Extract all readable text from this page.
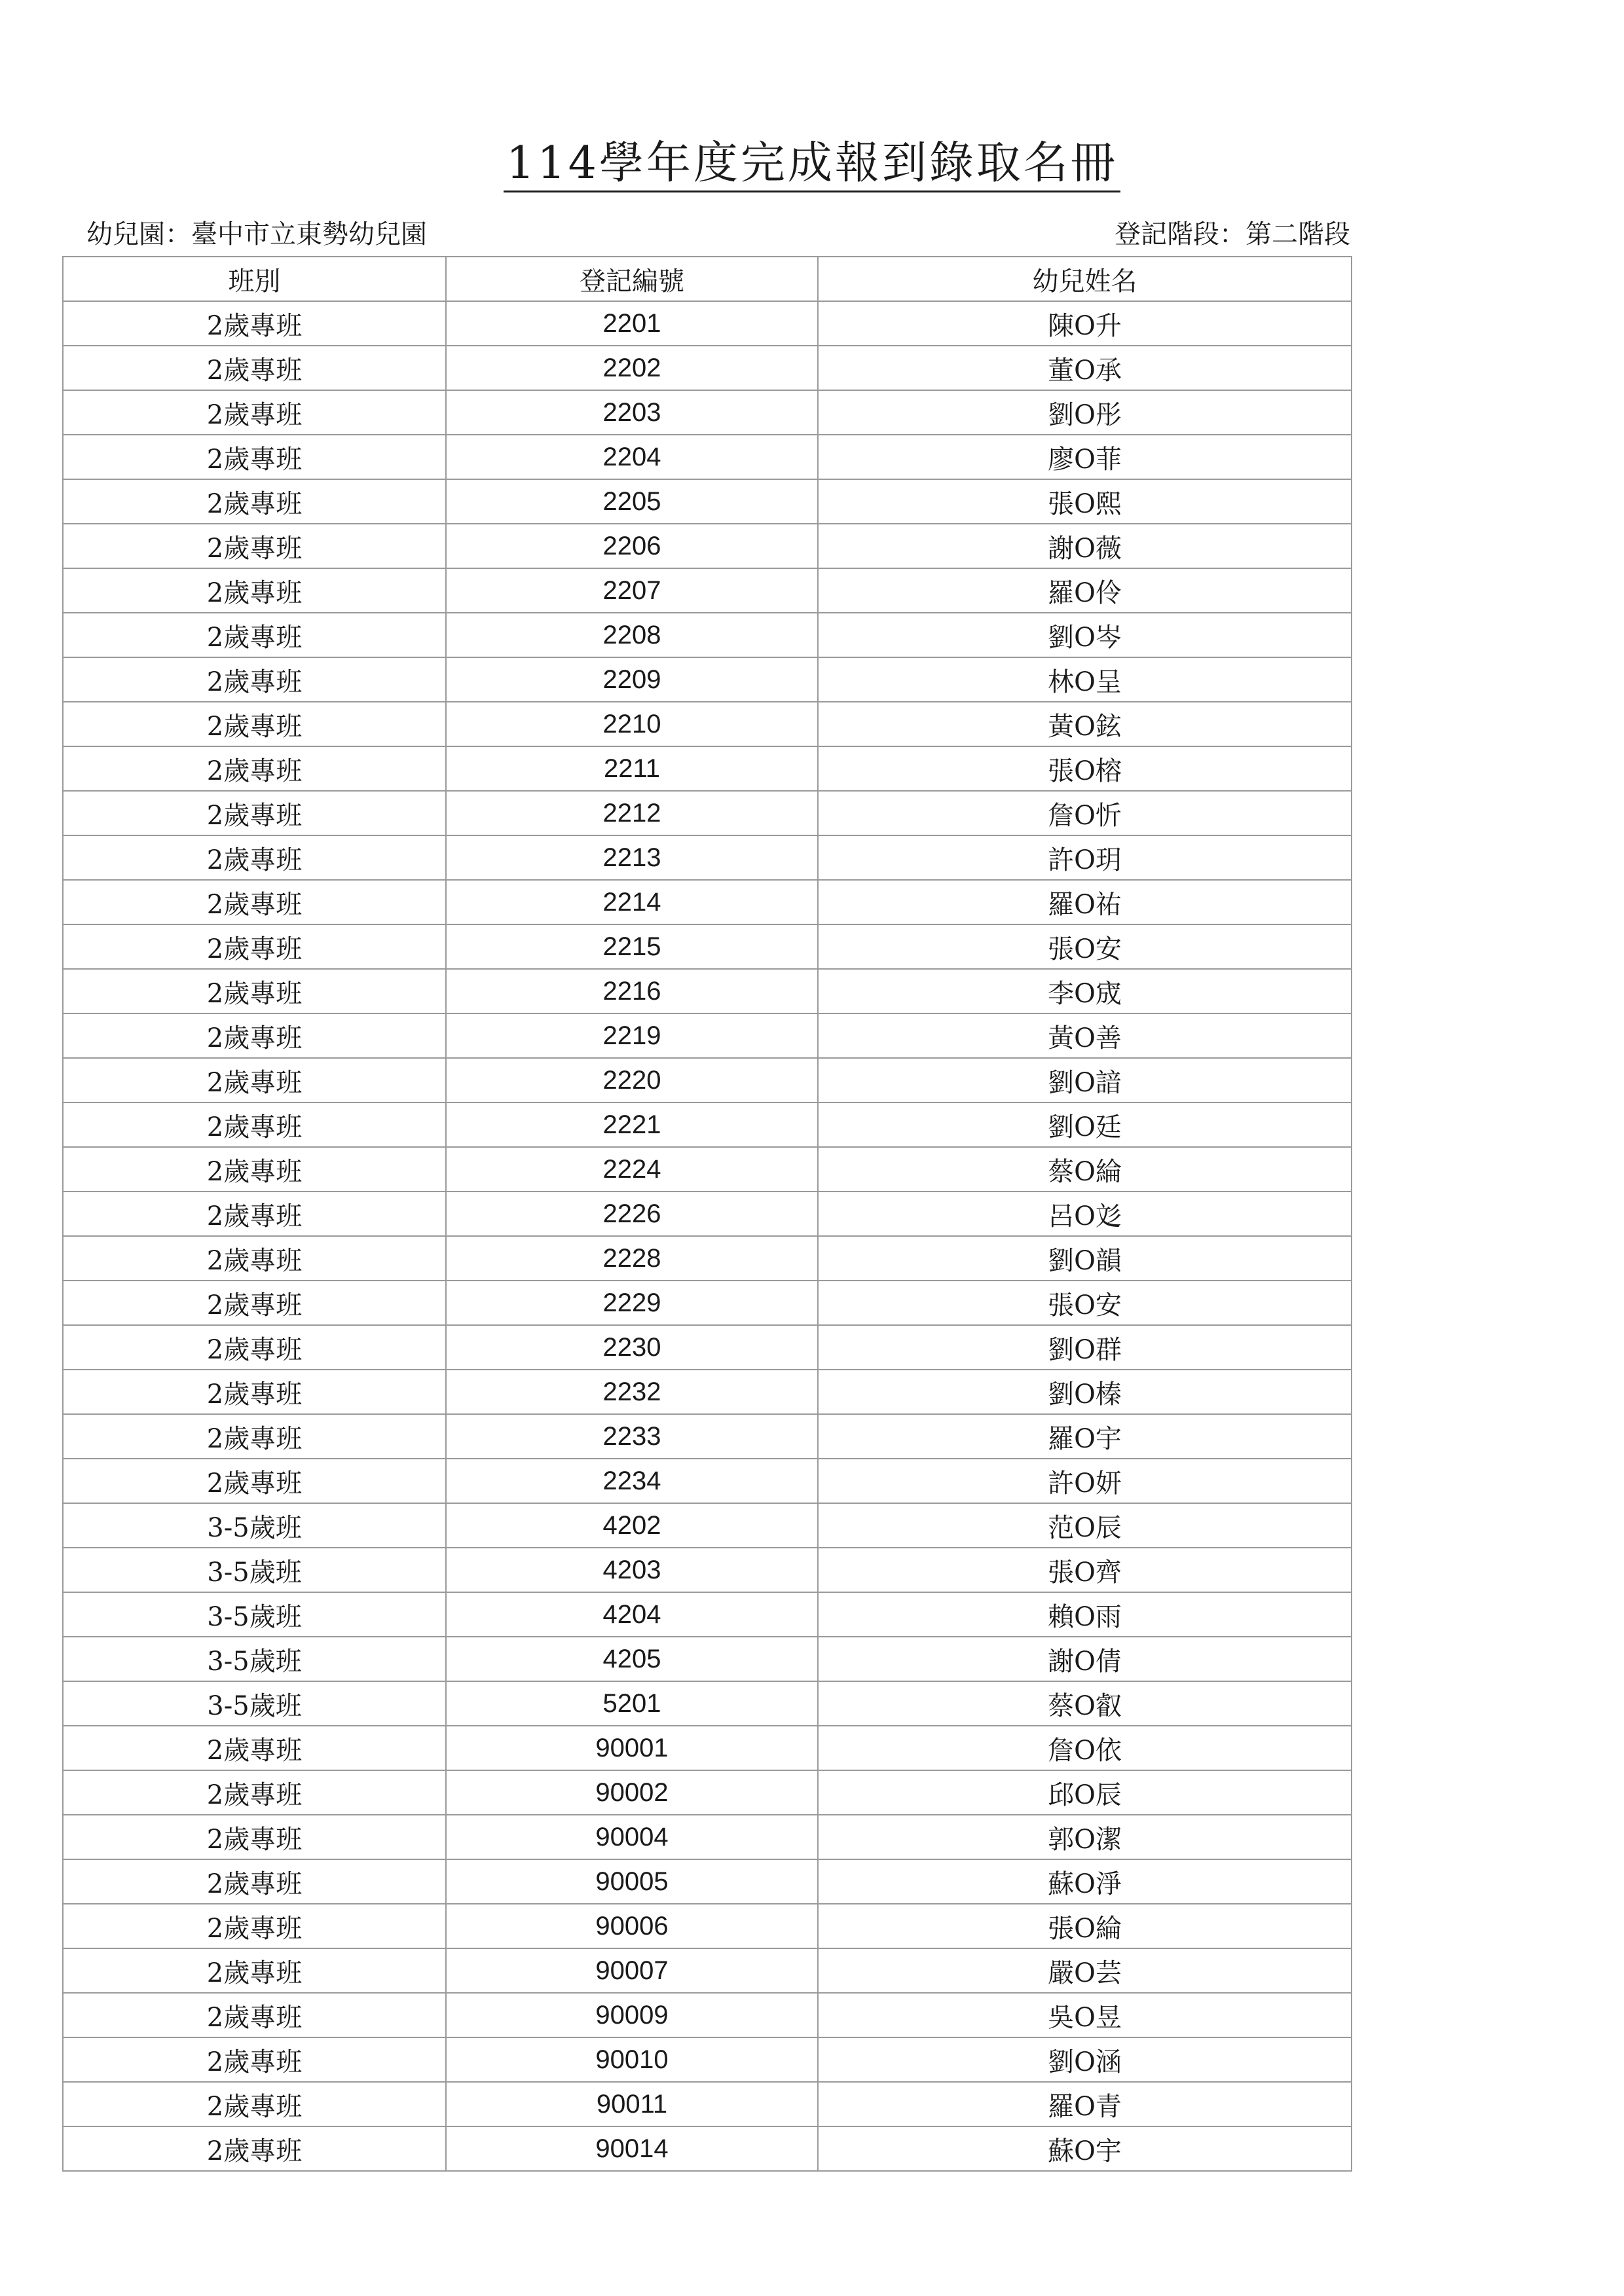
114學年度完成報到錄取名冊
幼兒園：臺中市立東勢幼兒園	登記階段：第二階段
班別	登記編號	幼兒姓名
2歲專班	2201	陳O升
2歲專班	2202	董O承
2歲專班	2203	劉O彤
2歲專班	2204	廖O菲
2歲專班	2205	張O熙
2歲專班	2206	謝O薇
2歲專班	2207	羅O伶
2歲專班	2208	劉O岑
2歲專班	2209	林O呈
2歲專班	2210	黃O鉉
2歲專班	2211	張O榕
2歲專班	2212	詹O忻
2歲專班	2213	許O玥
2歲專班	2214	羅O祐
2歲專班	2215	張O安
2歲專班	2216	李O宬
2歲專班	2219	黃O善
2歲專班	2220	劉O諳
2歲專班	2221	劉O廷
2歲專班	2224	蔡O綸
2歲專班	2226	呂O彣
2歲專班	2228	劉O韻
2歲專班	2229	張O安
2歲專班	2230	劉O群
2歲專班	2232	劉O榛
2歲專班	2233	羅O宇
2歲專班	2234	許O妍
3-5歲班	4202	范O辰
3-5歲班	4203	張O齊
3-5歲班	4204	賴O雨
3-5歲班	4205	謝O倩
3-5歲班	5201	蔡O叡
2歲專班	90001	詹O依
2歲專班	90002	邱O辰
2歲專班	90004	郭O潔
2歲專班	90005	蘇O淨
2歲專班	90006	張O綸
2歲專班	90007	嚴O芸
2歲專班	90009	吳O昱
2歲專班	90010	劉O涵
2歲專班	90011	羅O青
2歲專班	90014	蘇O宇
